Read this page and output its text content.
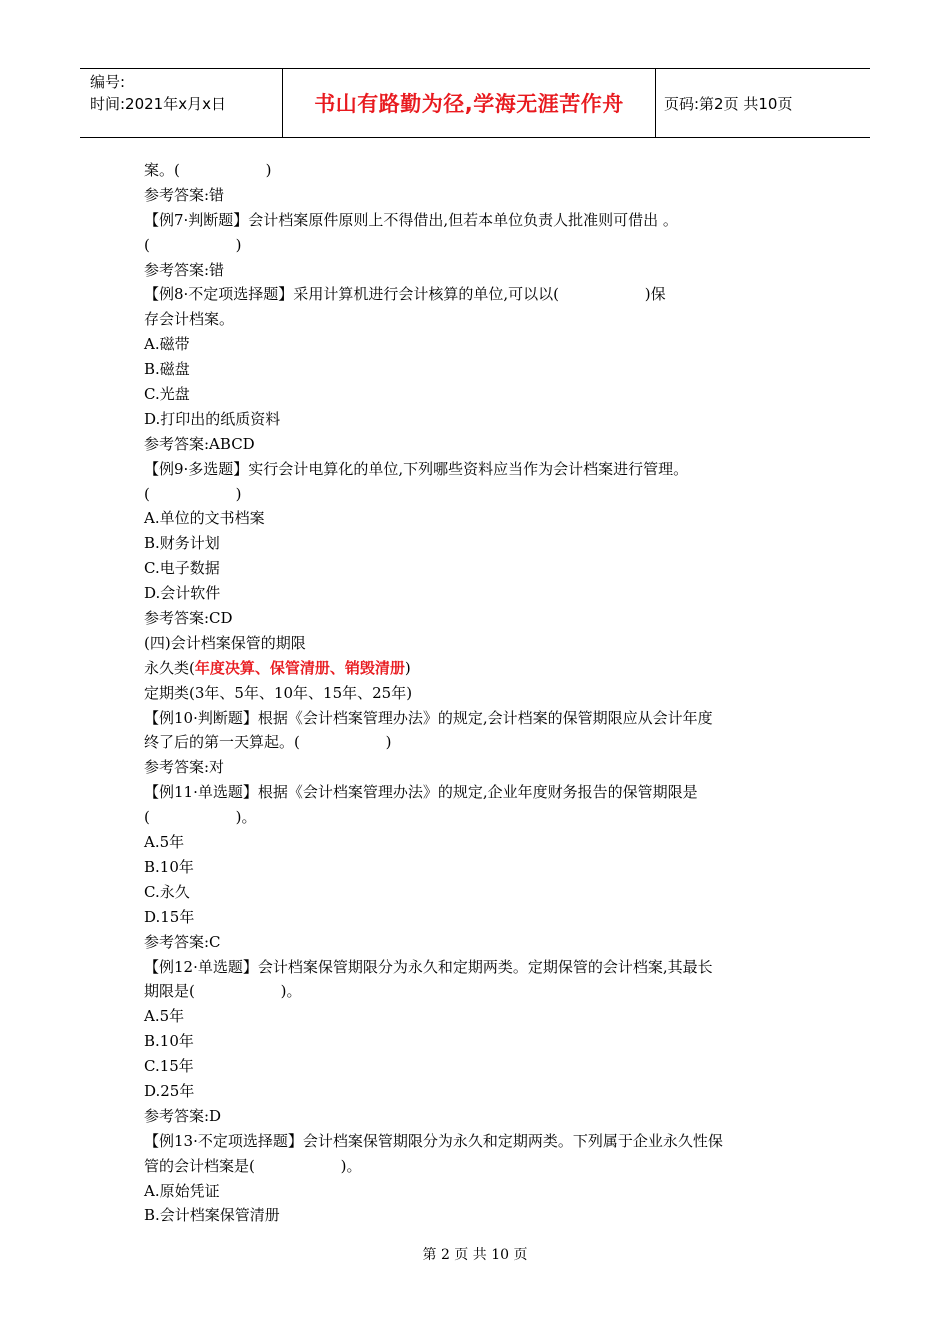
编号:
时间:2021年x月x日	书山有路勤为径,学海无涯苦作舟	页码:第2页 共10页
案。(                  )
参考答案:错
【例7·判断题】会计档案原件原则上不得借出,但若本单位负责人批准则可借出 。
(                  )
参考答案:错
【例8·不定项选择题】采用计算机进行会计核算的单位,可以以(                  )保
存会计档案。
A.磁带
B.磁盘
C.光盘
D.打印出的纸质资料
参考答案:ABCD
【例9·多选题】实行会计电算化的单位,下列哪些资料应当作为会计档案进行管理。
(                  )
A.单位的文书档案
B.财务计划
C.电子数据
D.会计软件
参考答案:CD
(四)会计档案保管的期限
永久类(年度决算、保管清册、销毁清册)
定期类(3年、5年、10年、15年、25年)
【例10·判断题】根据《会计档案管理办法》的规定,会计档案的保管期限应从会计年度
终了后的第一天算起。(                  )
参考答案:对
【例11·单选题】根据《会计档案管理办法》的规定,企业年度财务报告的保管期限是
(                  )。
A.5年
B.10年
C.永久
D.15年
参考答案:C
【例12·单选题】会计档案保管期限分为永久和定期两类。定期保管的会计档案,其最长
期限是(                  )。
A.5年
B.10年
C.15年
D.25年
参考答案:D
【例13·不定项选择题】会计档案保管期限分为永久和定期两类。下列属于企业永久性保
管的会计档案是(                  )。
A.原始凭证
B.会计档案保管清册
第 2 页 共 10 页
